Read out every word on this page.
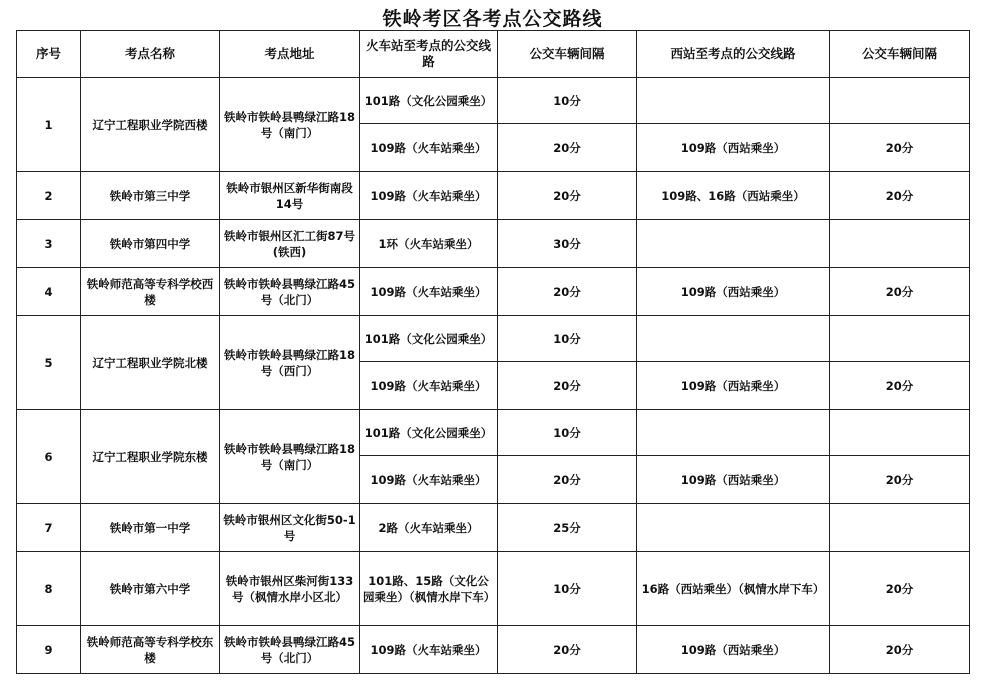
铁岭考区各考点公交路线
序号	考点名称	考点地址	火车站至考点的公交线路	公交车辆间隔	西站至考点的公交线路	公交车辆间隔
1	辽宁工程职业学院西楼	铁岭市铁岭县鸭绿江路18号（南门）	101路（文化公园乘坐）	10分		
			109路（火车站乘坐）	20分	109路（西站乘坐）	20分
2	铁岭市第三中学	铁岭市银州区新华街南段14号	109路（火车站乘坐）	20分	109路、16路（西站乘坐）	20分
3	铁岭市第四中学	铁岭市银州区汇工街87号(铁西)	1环（火车站乘坐）	30分		
4	铁岭师范高等专科学校西楼	铁岭市铁岭县鸭绿江路45号（北门）	109路（火车站乘坐）	20分	109路（西站乘坐）	20分
5	辽宁工程职业学院北楼	铁岭市铁岭县鸭绿江路18号（西门）	101路（文化公园乘坐）	10分		
			109路（火车站乘坐）	20分	109路（西站乘坐）	20分
6	辽宁工程职业学院东楼	铁岭市铁岭县鸭绿江路18号（南门）	101路（文化公园乘坐）	10分		
			109路（火车站乘坐）	20分	109路（西站乘坐）	20分
7	铁岭市第一中学	铁岭市银州区文化街50-1号	2路（火车站乘坐）	25分		
8	铁岭市第六中学	铁岭市银州区柴河街133号（枫情水岸小区北）	101路、15路（文化公园乘坐）（枫情水岸下车）	10分	16路（西站乘坐）（枫情水岸下车）	20分
9	铁岭师范高等专科学校东楼	铁岭市铁岭县鸭绿江路45号（北门）	109路（火车站乘坐）	20分	109路（西站乘坐）	20分
